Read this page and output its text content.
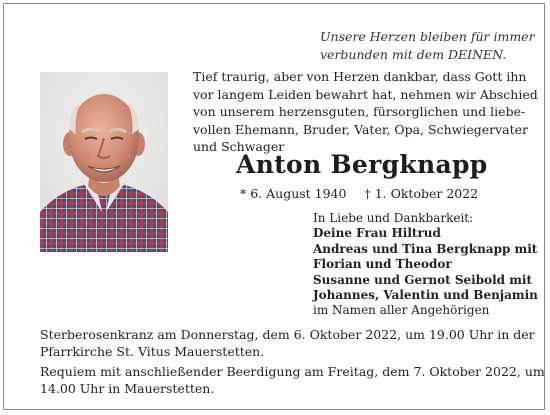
Unsere Herzen bleiben für immer
verbunden mit dem DEINEN.
Tief traurig, aber von Herzen dankbar, dass Gott ihn
vor langem Leiden bewahrt hat, nehmen wir Abschied
von unserem herzensguten, fürsorglichen und liebe-
vollen Ehemann, Bruder, Vater, Opa, Schwiegervater
und Schwager
Anton Bergknapp
* 6. August 1940 † 1. Oktober 2022
In Liebe und Dankbarkeit:
Deine Frau Hiltrud
Andreas und Tina Bergknapp mit
Florian und Theodor
Susanne und Gernot Seibold mit
Johannes, Valentin und Benjamin
im Namen aller Angehörigen
Sterberosenkranz am Donnerstag, dem 6. Oktober 2022, um 19.00 Uhr in der
Pfarrkirche St. Vitus Mauerstetten.
Requiem mit anschließender Beerdigung am Freitag, dem 7. Oktober 2022, um
14.00 Uhr in Mauerstetten.
